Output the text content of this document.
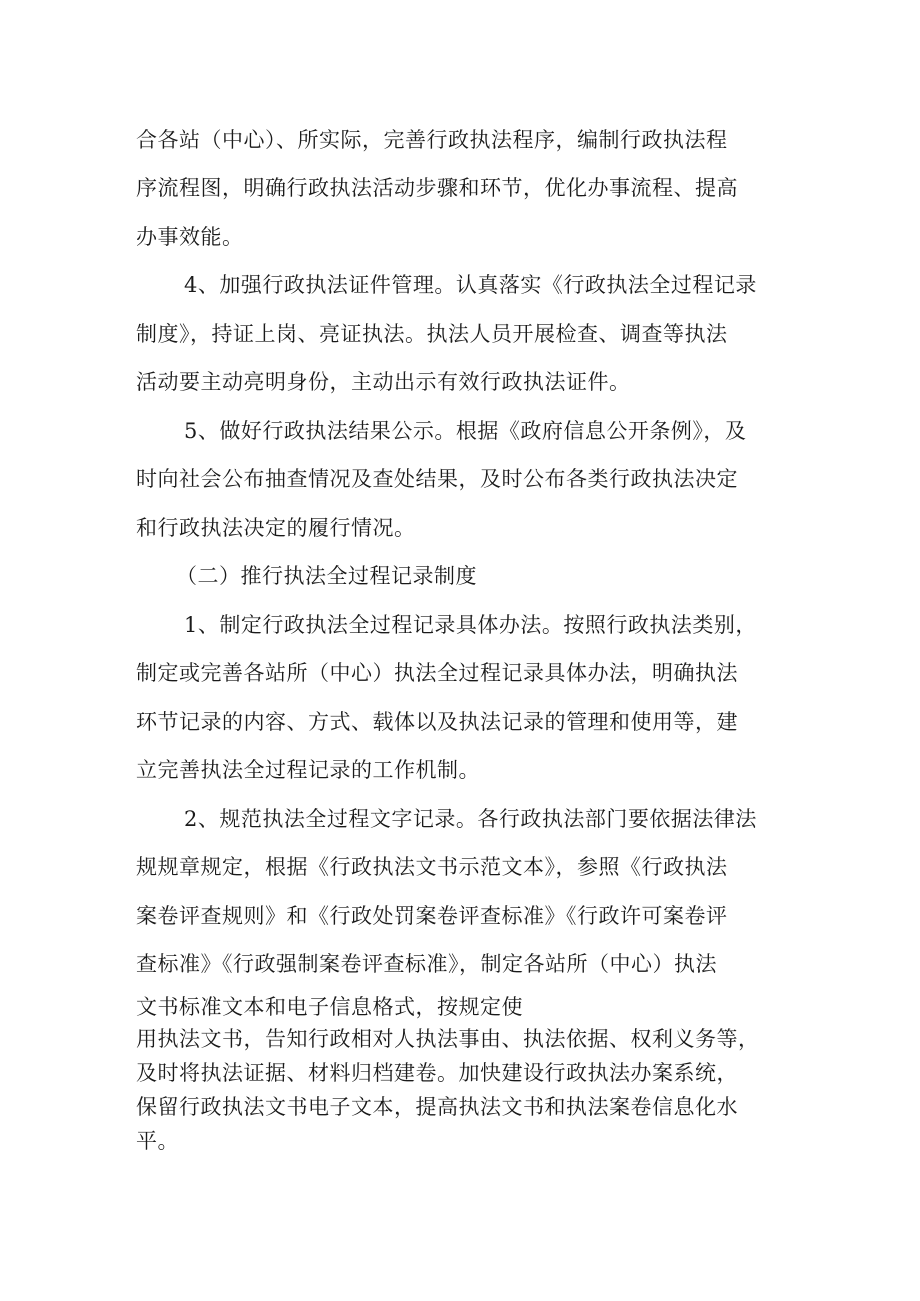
合各站（中心）、所实际，完善行政执法程序，编制行政执法程
序流程图，明确行政执法活动步骤和环节，优化办事流程、提高
办事效能。
4、加强行政执法证件管理。认真落实《行政执法全过程记录
制度》，持证上岗、亮证执法。执法人员开展检查、调查等执法
活动要主动亮明身份，主动出示有效行政执法证件。
5、做好行政执法结果公示。根据《政府信息公开条例》，及
时向社会公布抽查情况及查处结果，及时公布各类行政执法决定
和行政执法决定的履行情况。
（二）推行执法全过程记录制度
1、制定行政执法全过程记录具体办法。按照行政执法类别，
制定或完善各站所（中心）执法全过程记录具体办法，明确执法
环节记录的内容、方式、载体以及执法记录的管理和使用等，建
立完善执法全过程记录的工作机制。
2、规范执法全过程文字记录。各行政执法部门要依据法律法
规规章规定，根据《行政执法文书示范文本》，参照《行政执法
案卷评查规则》和《行政处罚案卷评查标准》《行政许可案卷评
查标准》《行政强制案卷评查标准》，制定各站所（中心）执法
文书标准文本和电子信息格式，按规定使
用执法文书，告知行政相对人执法事由、执法依据、权利义务等，
及时将执法证据、材料归档建卷。加快建设行政执法办案系统，
保留行政执法文书电子文本，提高执法文书和执法案卷信息化水
平。
